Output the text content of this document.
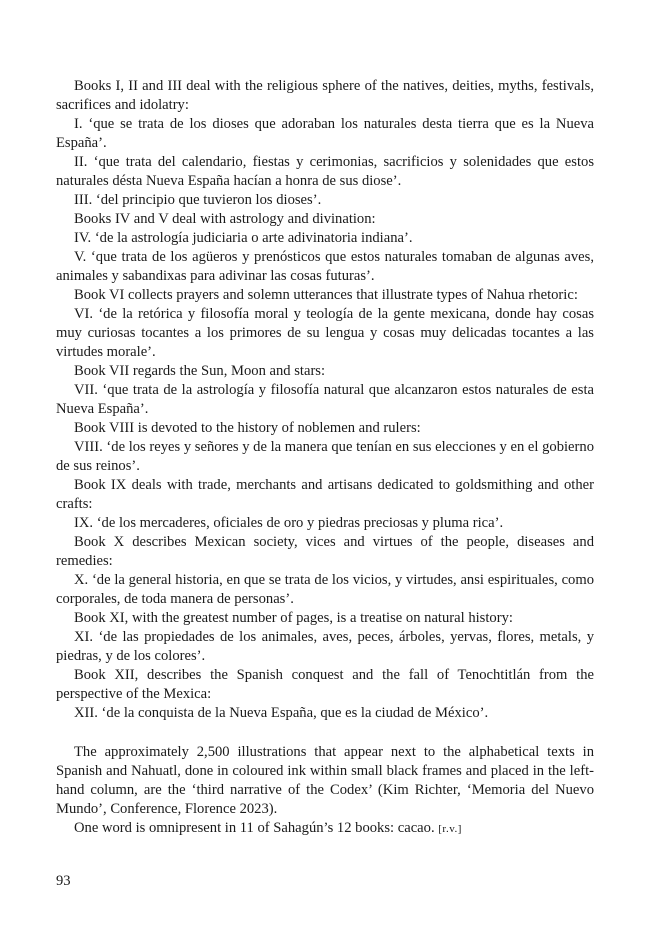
Books I, II and III deal with the religious sphere of the natives, deities, myths, festivals, sacrifices and idolatry:

I. ‘que se trata de los dioses que adoraban los naturales desta tierra que es la Nueva España’.

II. ‘que trata del calendario, fiestas y cerimonias, sacrificios y solenidades que estos naturales désta Nueva España hacían a honra de sus diose’.

III. ‘del principio que tuvieron los dioses’.

Books IV and V deal with astrology and divination:

IV. ‘de la astrología judiciaria o arte adivinatoria indiana’.

V. ‘que trata de los agüeros y prenósticos que estos naturales tomaban de algunas aves, animales y sabandixas para adivinar las cosas futuras’.

Book VI collects prayers and solemn utterances that illustrate types of Nahua rhetoric:

VI. ‘de la retórica y filosofía moral y teología de la gente mexicana, donde hay cosas muy curiosas tocantes a los primores de su lengua y cosas muy delicadas tocantes a las virtudes morale’.

Book VII regards the Sun, Moon and stars:

VII. ‘que trata de la astrología y filosofía natural que alcanzaron estos naturales de esta Nueva España’.

Book VIII is devoted to the history of noblemen and rulers:

VIII. ‘de los reyes y señores y de la manera que tenían en sus elecciones y en el gobierno de sus reinos’.

Book IX deals with trade, merchants and artisans dedicated to goldsmithing and other crafts:

IX. ‘de los mercaderes, oficiales de oro y piedras preciosas y pluma rica’.

Book X describes Mexican society, vices and virtues of the people, diseases and remedies:

X. ‘de la general historia, en que se trata de los vicios, y virtudes, ansi espirituales, como corporales, de toda manera de personas’.

Book XI, with the greatest number of pages, is a treatise on natural history:

XI. ‘de las propiedades de los animales, aves, peces, árboles, yervas, flores, metals, y piedras, y de los colores’.

Book XII, describes the Spanish conquest and the fall of Tenochtitlán from the perspective of the Mexica:

XII. ‘de la conquista de la Nueva España, que es la ciudad de México’.

The approximately 2,500 illustrations that appear next to the alphabetical texts in Spanish and Nahuatl, done in coloured ink within small black frames and placed in the left-hand column, are the ‘third narrative of the Codex’ (Kim Richter, ‘Memoria del Nuevo Mundo’, Conference, Florence 2023).

One word is omnipresent in 11 of Sahagún’s 12 books: cacao. [r.v.]

93
